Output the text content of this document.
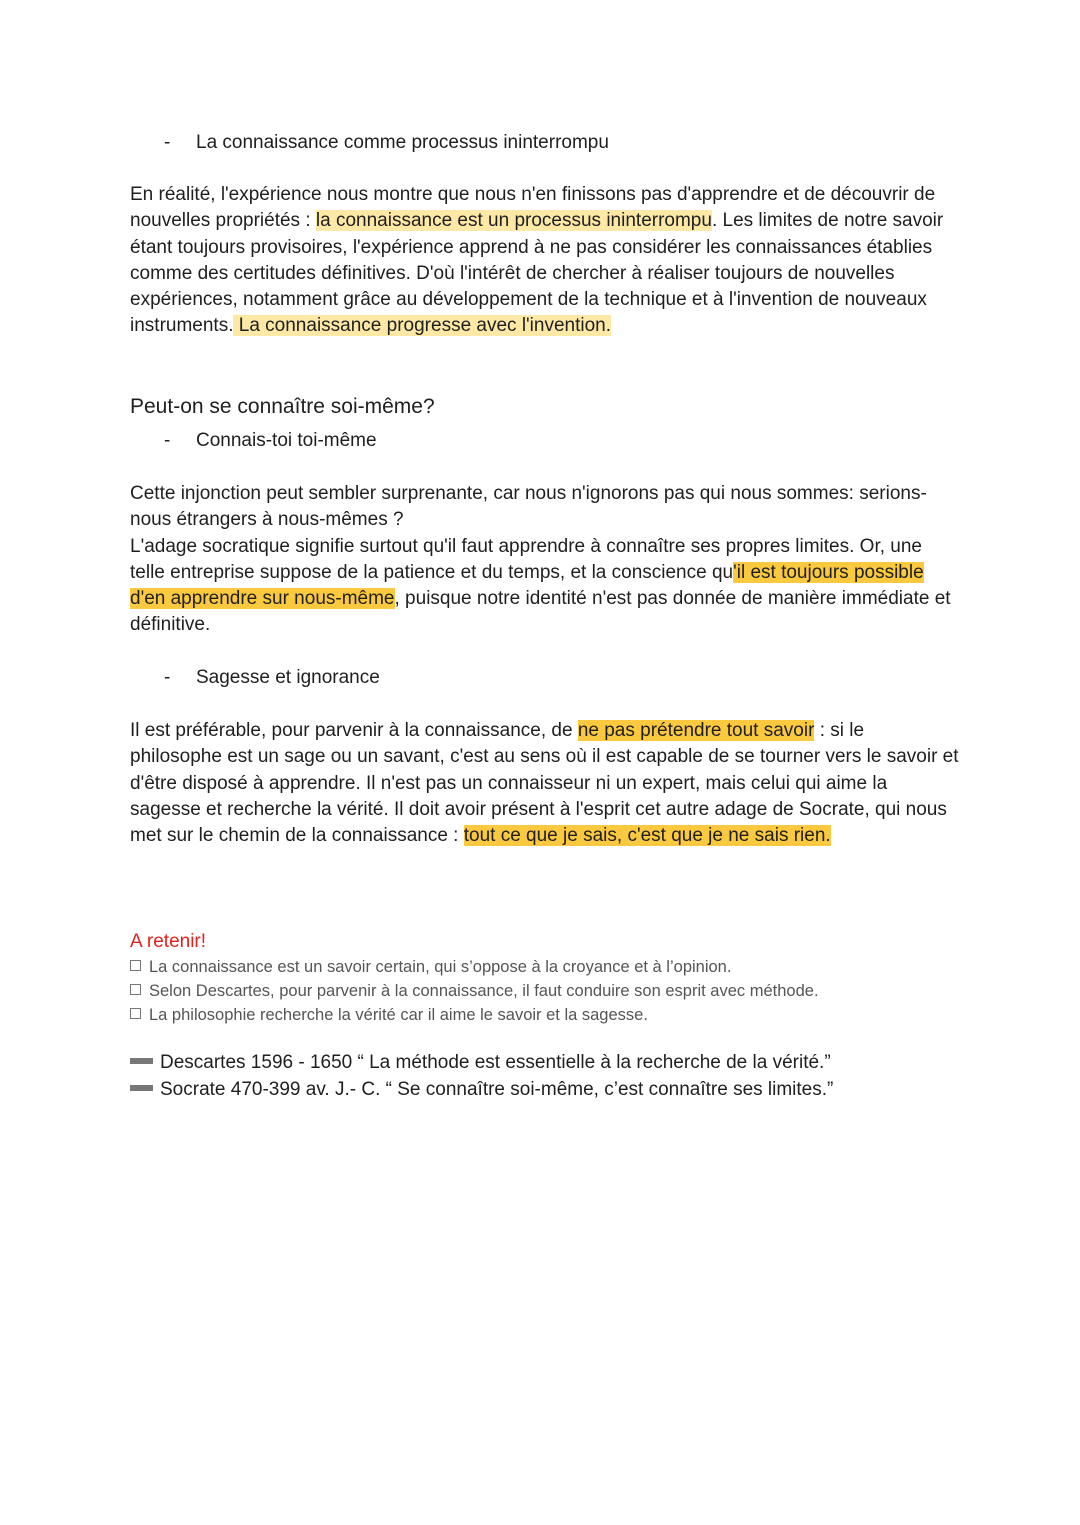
-	La connaissance comme processus ininterrompu

En réalité, l'expérience nous montre que nous n'en finissons pas d'apprendre et de découvrir de nouvelles propriétés : la connaissance est un processus ininterrompu. Les limites de notre savoir étant toujours provisoires, l'expérience apprend à ne pas considérer les connaissances établies comme des certitudes définitives. D'où l'intérêt de chercher à réaliser toujours de nouvelles expériences, notamment grâce au développement de la technique et à l'invention de nouveaux instruments. La connaissance progresse avec l'invention.

Peut-on se connaître soi-même?
-	Connais-toi toi-même
Cette injonction peut sembler surprenante, car nous n'ignorons pas qui nous sommes: serions-nous étrangers à nous-mêmes ?
L'adage socratique signifie surtout qu'il faut apprendre à connaître ses propres limites. Or, une telle entreprise suppose de la patience et du temps, et la conscience qu'il est toujours possible d'en apprendre sur nous-même, puisque notre identité n'est pas donnée de manière immédiate et définitive.
-	Sagesse et ignorance

Il est préférable, pour parvenir à la connaissance, de ne pas prétendre tout savoir : si le philosophe est un sage ou un savant, c'est au sens où il est capable de se tourner vers le savoir et d'être disposé à apprendre. Il n'est pas un connaisseur ni un expert, mais celui qui aime la sagesse et recherche la vérité. Il doit avoir présent à l'esprit cet autre adage de Socrate, qui nous met sur le chemin de la connaissance : tout ce que je sais, c'est que je ne sais rien.

A retenir!
La connaissance est un savoir certain, qui s’oppose à la croyance et à l’opinion.
Selon Descartes, pour parvenir à la connaissance, il faut conduire son esprit avec méthode.
La philosophie recherche la vérité car il aime le savoir et la sagesse.
Descartes 1596 - 1650 “ La méthode est essentielle à la recherche de la vérité.”
Socrate 470-399 av. J.- C. “ Se connaître soi-même, c’est connaître ses limites.”
